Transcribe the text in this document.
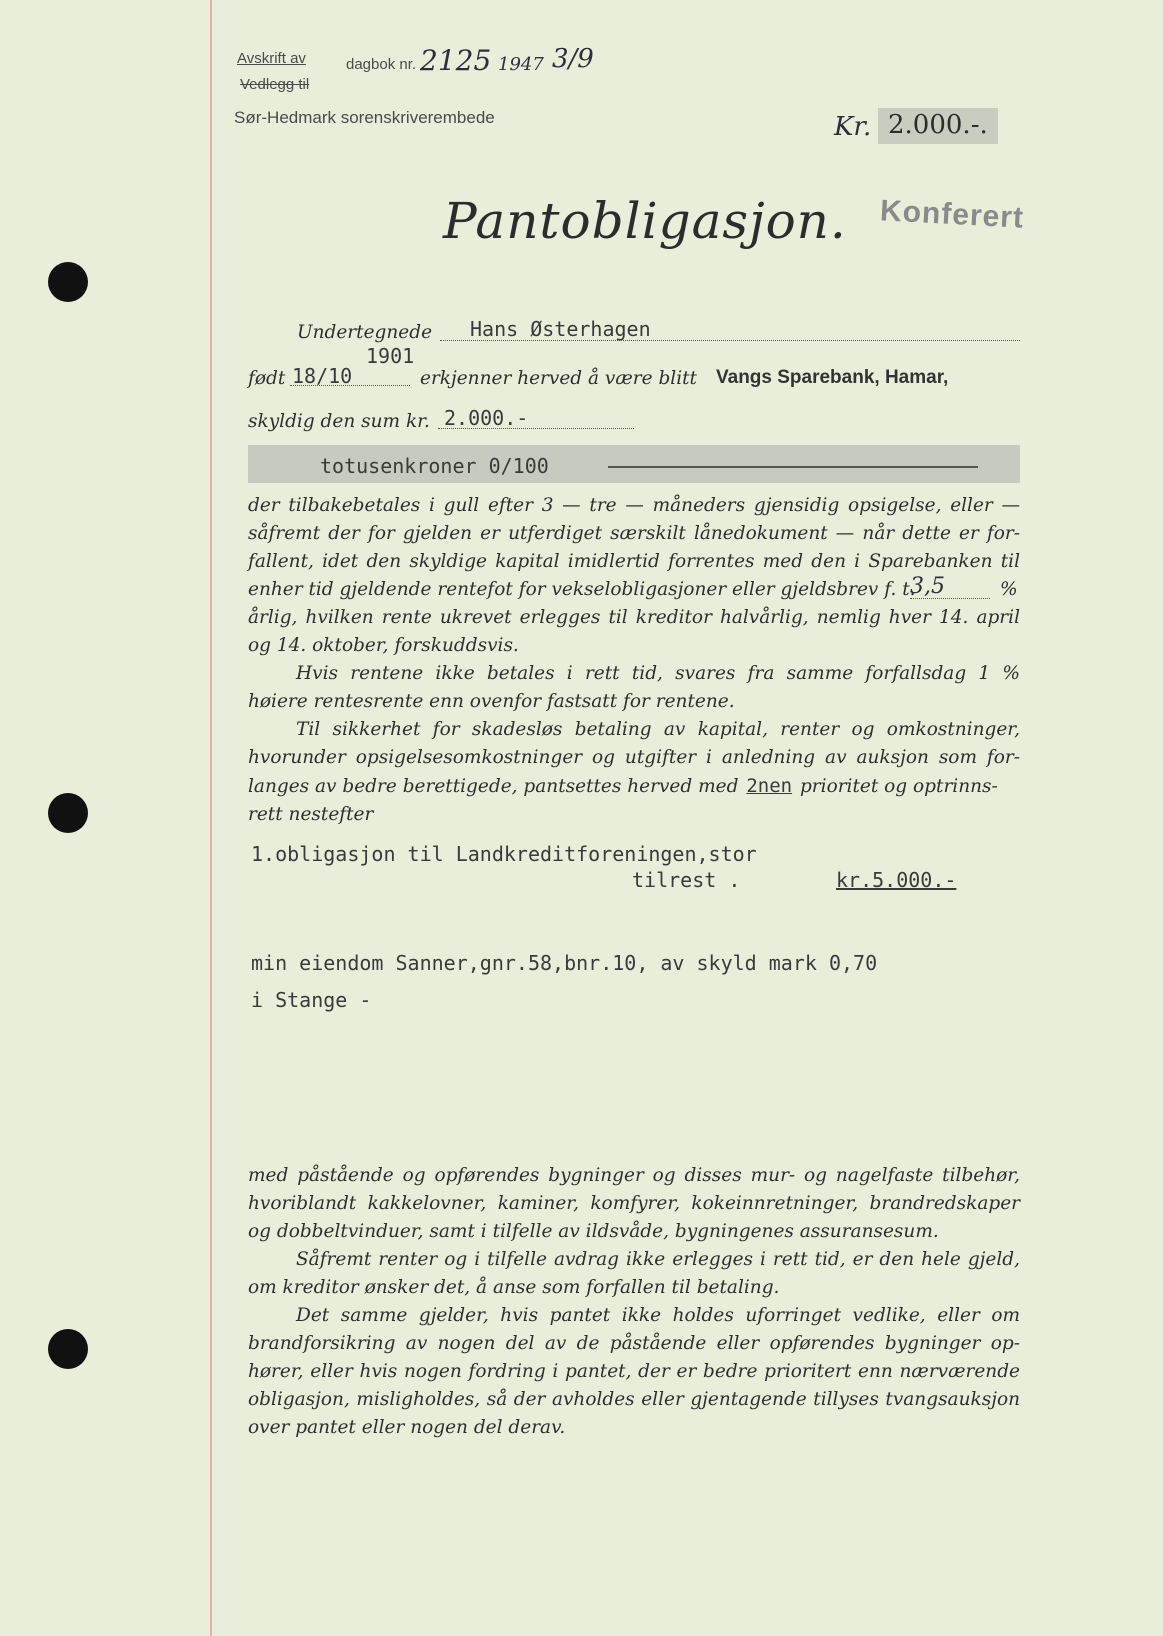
Avskrift av	dagbok nr. 2125 1947 3/9
Vedlegg til
Sør-Hedmark sorenskriverembede	Kr. 2.000.-.
Pantobligasjon. Konferert
Undertegnede Hans Østerhagen
født
1901
18/10	erkjenner herved å være blitt Vangs Sparebank, Hamar,
skyldig den sum kr. 2.000.-
totusenkroner 0/100

der tilbakebetales i gull efter 3 — tre — måneders gjensidig opsigelse, eller —

såfremt der for gjelden er utferdiget særskilt lånedokument — når dette er for-

fallent, idet den skyldige kapital imidlertid forrentes med den i Sparebanken til

enher tid gjeldende rentefot for vekselobligasjoner eller gjeldsbrev f. t.
3,5	%

årlig, hvilken rente ukrevet erlegges til kreditor halvårlig, nemlig hver 14. april

og 14. oktober, forskuddsvis.

Hvis rentene ikke betales i rett tid, svares fra samme forfallsdag 1 %

høiere rentesrente enn ovenfor fastsatt for rentene.

Til sikkerhet for skadesløs betaling av kapital, renter og omkostninger,

hvorunder opsigelsesomkostninger og utgifter i anledning av auksjon som for-

langes av bedre berettigede, pantsettes herved med 2nen prioritet og optrinns-

rett nestefter

1.obligasjon til Landkreditforeningen,stor
tilrest .	kr.5.000.-
min eiendom Sanner,gnr.58,bnr.10, av skyld mark 0,70
i Stange -

med påstående og opførendes bygninger og disses mur- og nagelfaste tilbehør,

hvoriblandt kakkelovner, kaminer, komfyrer, kokeinnretninger, brandredskaper

og dobbeltvinduer, samt i tilfelle av ildsvåde, bygningenes assuransesum.

Såfremt renter og i tilfelle avdrag ikke erlegges i rett tid, er den hele gjeld,

om kreditor ønsker det, å anse som forfallen til betaling.

Det samme gjelder, hvis pantet ikke holdes uforringet vedlike, eller om

brandforsikring av nogen del av de påstående eller opførendes bygninger op-

hører, eller hvis nogen fordring i pantet, der er bedre prioritert enn nærværende

obligasjon, misligholdes, så der avholdes eller gjentagende tillyses tvangsauksjon

over pantet eller nogen del derav.
